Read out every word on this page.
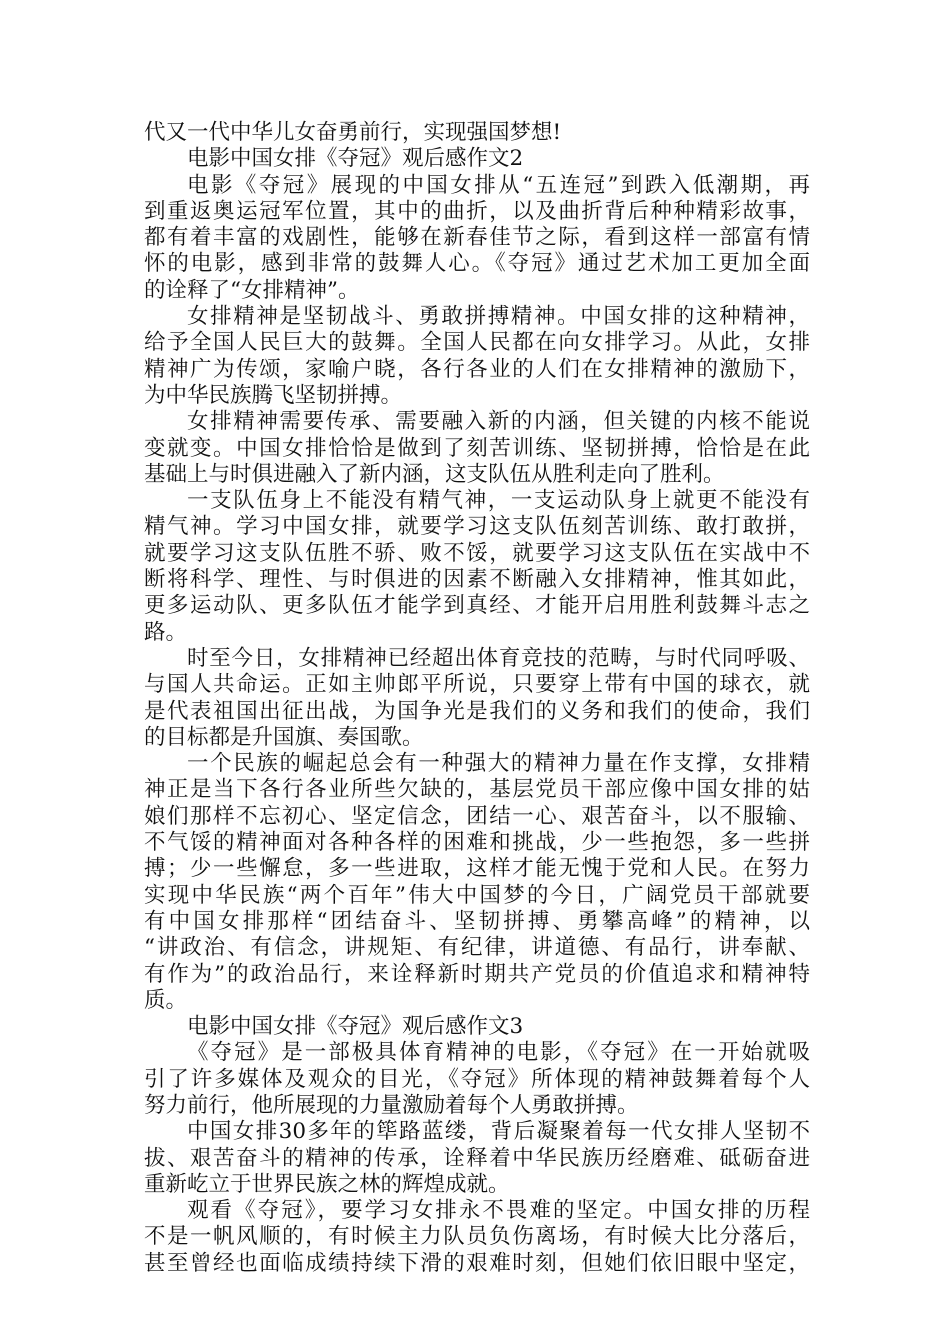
代又一代中华儿女奋勇前行，实现强国梦想!
电影中国女排《夺冠》观后感作文2
电影《夺冠》展现的中国女排从“五连冠”到跌入低潮期，再
到重返奥运冠军位置，其中的曲折，以及曲折背后种种精彩故事，
都有着丰富的戏剧性，能够在新春佳节之际，看到这样一部富有情
怀的电影，感到非常的鼓舞人心。《夺冠》通过艺术加工更加全面
的诠释了“女排精神”。
女排精神是坚韧战斗、勇敢拼搏精神。中国女排的这种精神，
给予全国人民巨大的鼓舞。全国人民都在向女排学习。从此，女排
精神广为传颂，家喻户晓，各行各业的人们在女排精神的激励下，
为中华民族腾飞坚韧拼搏。
女排精神需要传承、需要融入新的内涵，但关键的内核不能说
变就变。中国女排恰恰是做到了刻苦训练、坚韧拼搏，恰恰是在此
基础上与时俱进融入了新内涵，这支队伍从胜利走向了胜利。
一支队伍身上不能没有精气神，一支运动队身上就更不能没有
精气神。学习中国女排，就要学习这支队伍刻苦训练、敢打敢拼，
就要学习这支队伍胜不骄、败不馁，就要学习这支队伍在实战中不
断将科学、理性、与时俱进的因素不断融入女排精神，惟其如此，
更多运动队、更多队伍才能学到真经、才能开启用胜利鼓舞斗志之
路。
时至今日，女排精神已经超出体育竞技的范畴，与时代同呼吸、
与国人共命运。正如主帅郎平所说，只要穿上带有中国的球衣，就
是代表祖国出征出战，为国争光是我们的义务和我们的使命，我们
的目标都是升国旗、奏国歌。
一个民族的崛起总会有一种强大的精神力量在作支撑，女排精
神正是当下各行各业所些欠缺的，基层党员干部应像中国女排的姑
娘们那样不忘初心、坚定信念，团结一心、艰苦奋斗，以不服输、
不气馁的精神面对各种各样的困难和挑战，少一些抱怨，多一些拼
搏；少一些懈怠，多一些进取，这样才能无愧于党和人民。在努力
实现中华民族“两个百年”伟大中国梦的今日，广阔党员干部就要
有中国女排那样“团结奋斗、坚韧拼搏、勇攀高峰”的精神，以
“讲政治、有信念，讲规矩、有纪律，讲道德、有品行，讲奉献、
有作为”的政治品行，来诠释新时期共产党员的价值追求和精神特
质。
电影中国女排《夺冠》观后感作文3
《夺冠》是一部极具体育精神的电影，《夺冠》在一开始就吸
引了许多媒体及观众的目光，《夺冠》所体现的精神鼓舞着每个人
努力前行，他所展现的力量激励着每个人勇敢拼搏。
中国女排30多年的筚路蓝缕，背后凝聚着每一代女排人坚韧不
拔、艰苦奋斗的精神的传承，诠释着中华民族历经磨难、砥砺奋进
重新屹立于世界民族之林的辉煌成就。
观看《夺冠》，要学习女排永不畏难的坚定。中国女排的历程
不是一帆风顺的，有时候主力队员负伤离场，有时候大比分落后，
甚至曾经也面临成绩持续下滑的艰难时刻，但她们依旧眼中坚定，
